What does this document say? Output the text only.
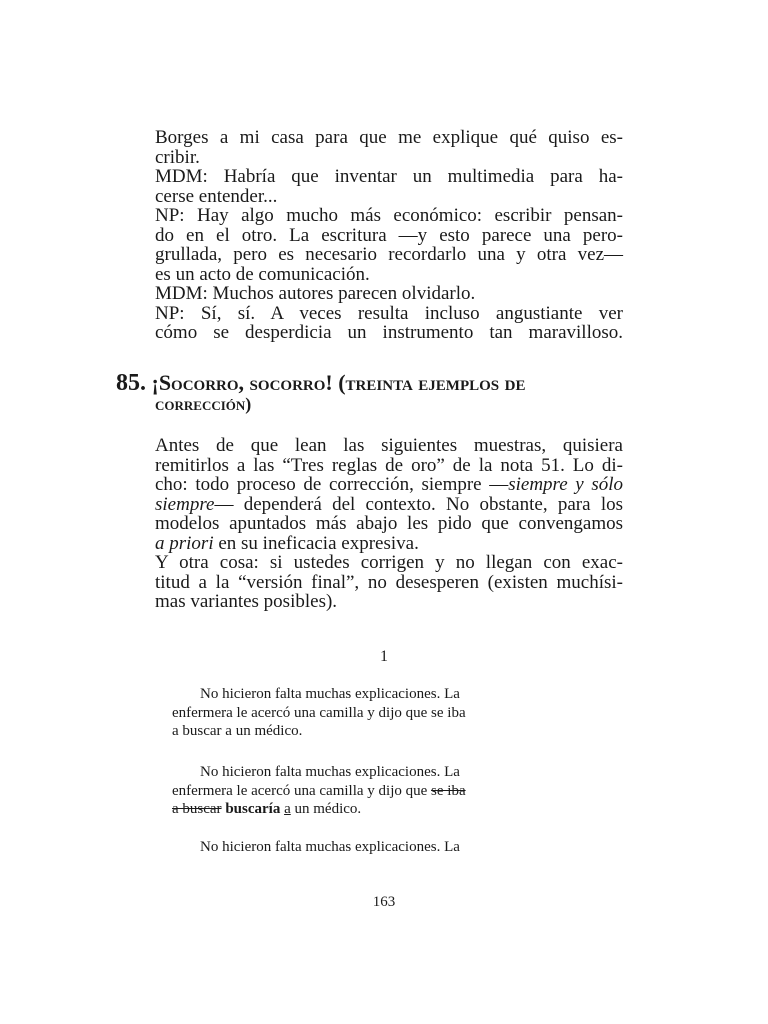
Borges a mi casa para que me explique qué quiso es-
cribir.
MDM: Habría que inventar un multimedia para ha-
cerse entender...
NP: Hay algo mucho más económico: escribir pensan-
do en el otro. La escritura —y esto parece una pero-
grullada, pero es necesario recordarlo una y otra vez—
es un acto de comunicación.
MDM: Muchos autores parecen olvidarlo.
NP: Sí, sí. A veces resulta incluso angustiante ver
cómo se desperdicia un instrumento tan maravilloso.
85. ¡Socorro, socorro! (treinta ejemplos de
corrección)
Antes de que lean las siguientes muestras, quisiera
remitirlos a las “Tres reglas de oro” de la nota 51. Lo di-
cho: todo proceso de corrección, siempre —siempre y sólo
siempre— dependerá del contexto. No obstante, para los
modelos apuntados más abajo les pido que convengamos
a priori en su ineficacia expresiva.
Y otra cosa: si ustedes corrigen y no llegan con exac-
titud a la “versión final”, no desesperen (existen muchísi-
mas variantes posibles).
1
No hicieron falta muchas explicaciones. La
enfermera le acercó una camilla y dijo que se iba
a buscar a un médico.
No hicieron falta muchas explicaciones. La
enfermera le acercó una camilla y dijo que se iba
a buscar buscaría a un médico.
No hicieron falta muchas explicaciones. La
163
